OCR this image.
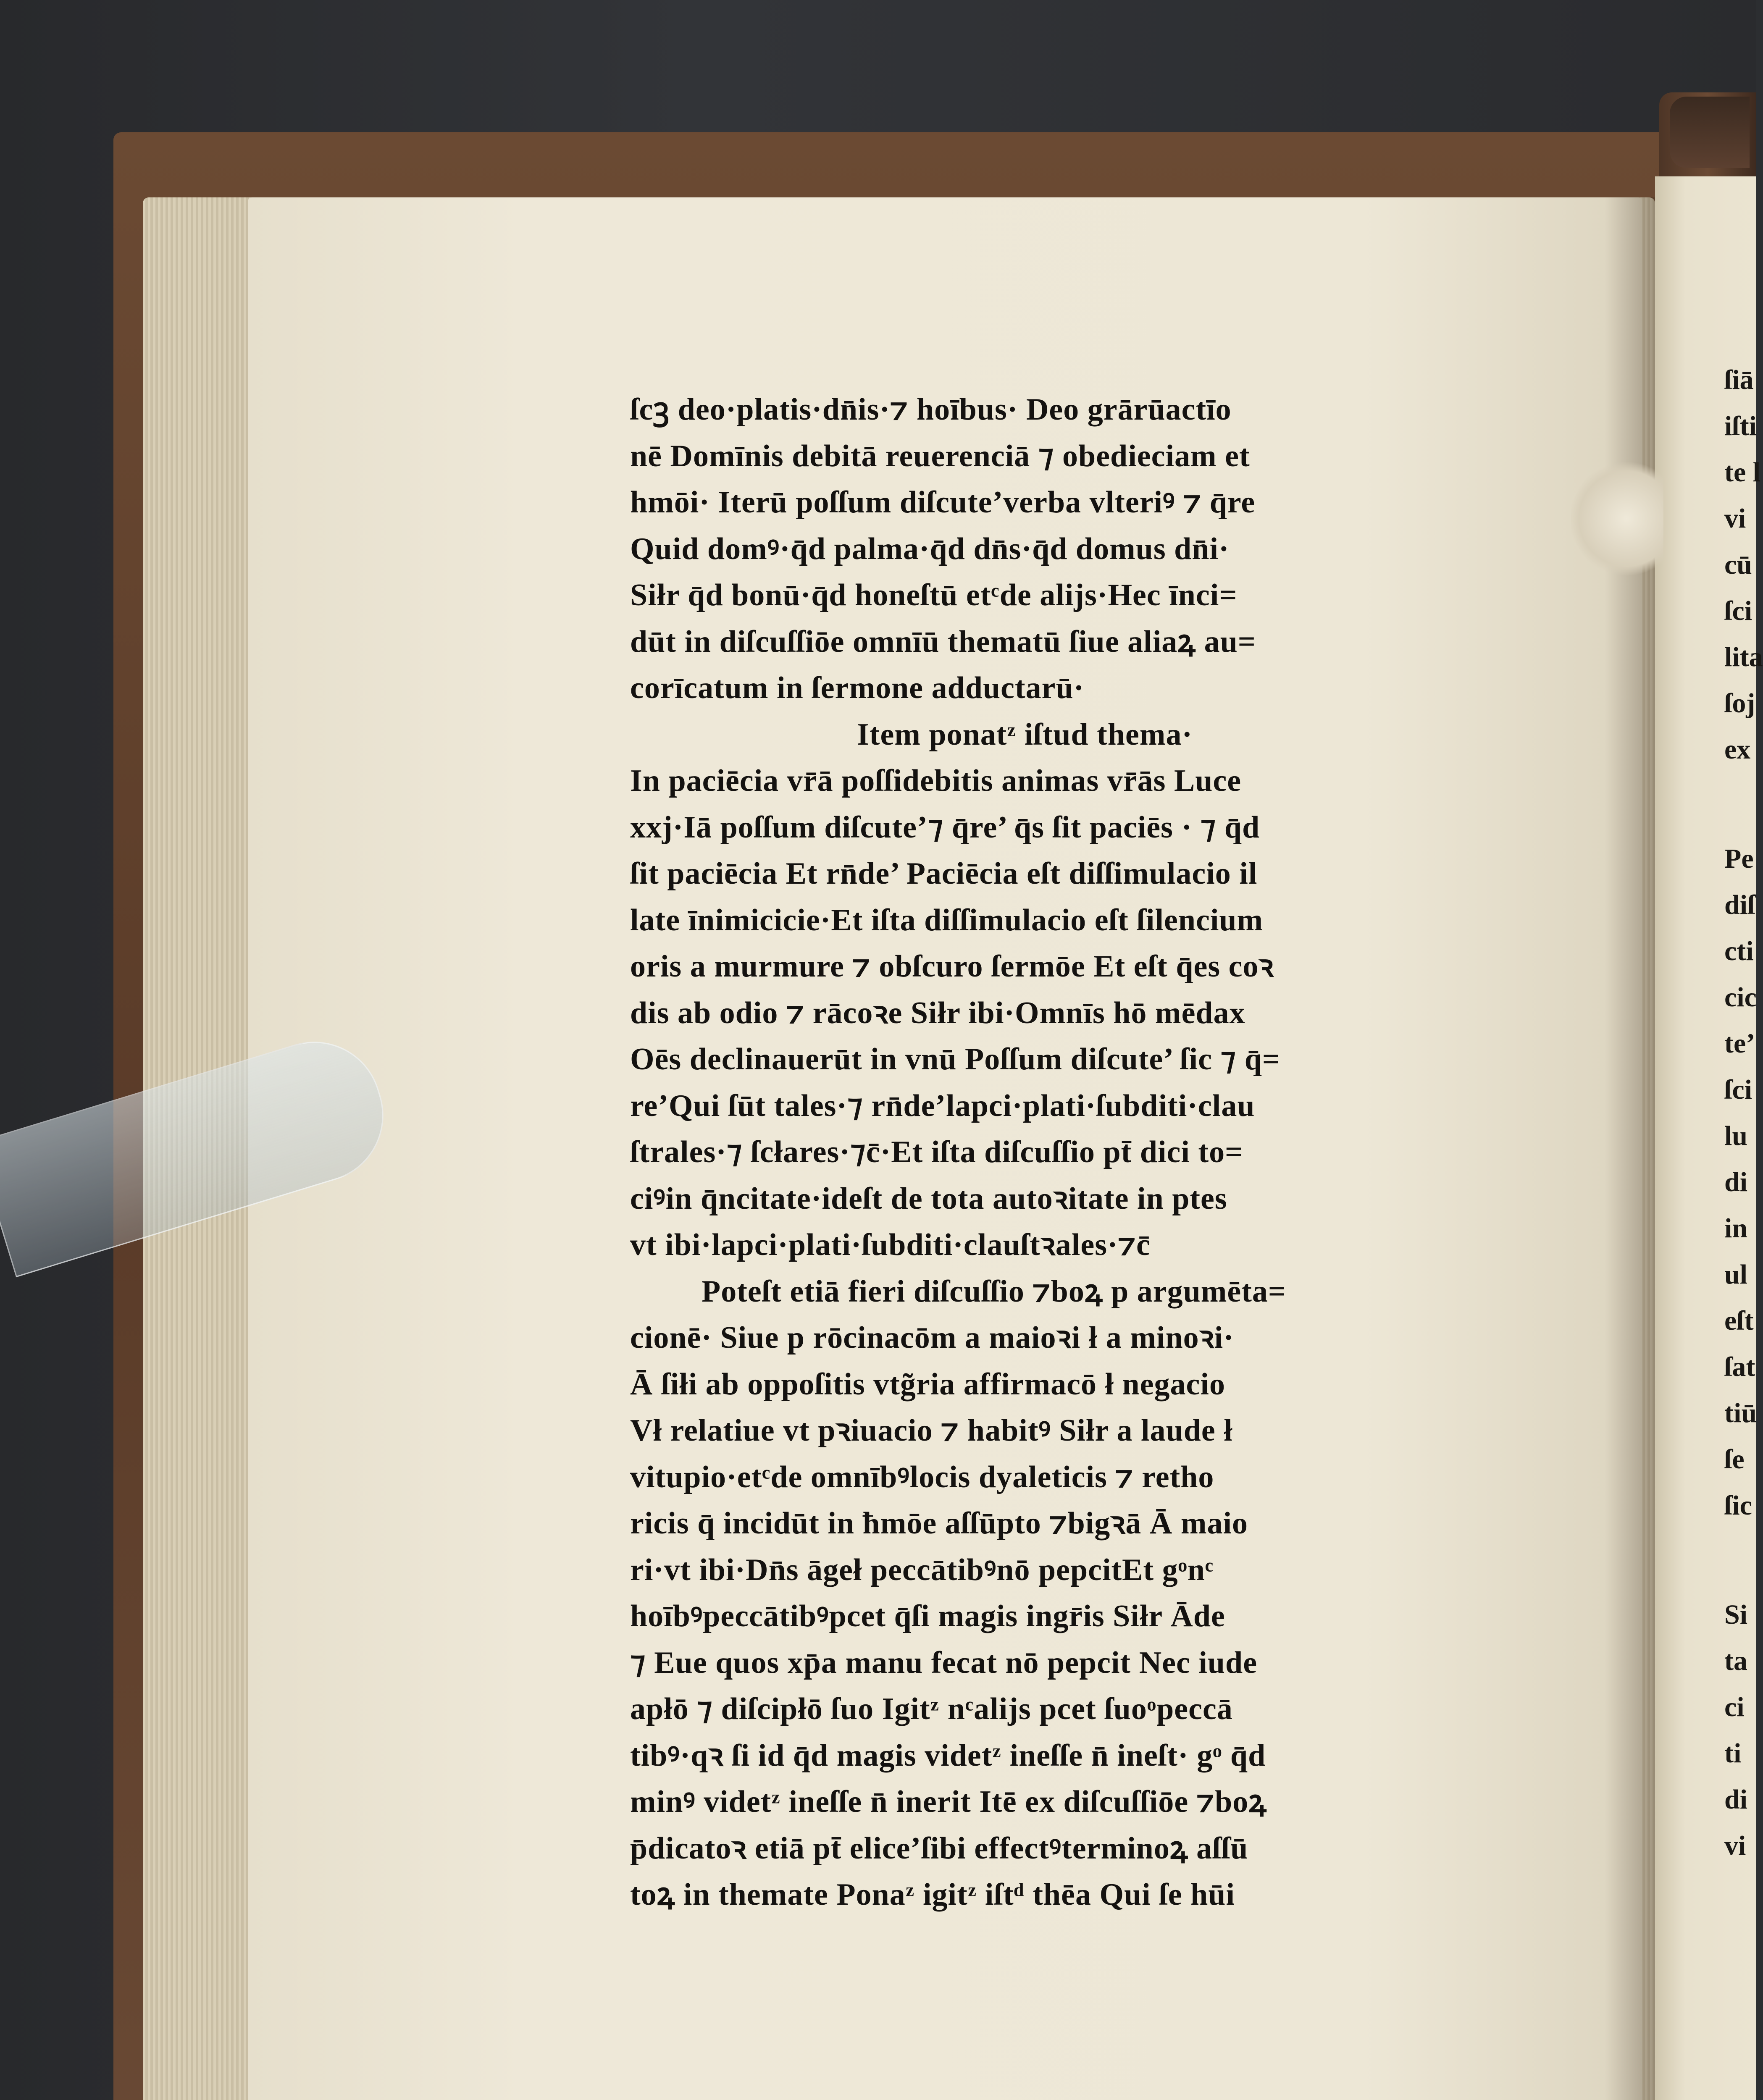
ſcꝫ deo·platis·dn̄is·⁊ hoībus· Deo grārūactīo
nē Domīnis debitā reuerenciā ⁊ obedieciam et
hmōi· Iterū poſſum diſcute’verba vlteriꝰ ⁊ q̄re
Quid domꝰ·q̄d palma·q̄d dn̄s·q̄d domus dn̄i·
Siłr q̄d bonū·q̄d honeſtū etᶜde alijs·Hec īnci=
dūt in diſcuſſiōe omnīū thematū ſiue aliaꝝ au=
corīcatum in ſermone adductarū·
Item ponatᶻ iſtud thema·
In paciēcia vr̄ā poſſidebitis animas vr̄ās Luce
xxj·Iā poſſum diſcute’⁊ q̄re’ q̄s ſit paciēs · ⁊ q̄d
ſit paciēcia Et rn̄de’ Paciēcia eſt diſſimulacio il
late īnimicicie·Et iſta diſſimulacio eſt ſilencium
oris a murmure ⁊ obſcuro ſermōe Et eſt q̄es coꝛ
dis ab odio ⁊ rācoꝛe Siłr ibi·Omnīs hō mēdax
Oēs declinauerūt in vnū Poſſum diſcute’ ſic ⁊ q̄=
re’Qui ſūt tales·⁊ rn̄de’lapci·plati·ſubditi·clau
ſtrales·⁊ ſcłares·⁊c̄·Et iſta diſcuſſio pt̄ dici to=
ciꝰin q̄ncitate·ideſt de tota autoꝛitate in ptes
vt ibi·lapci·plati·ſubditi·clauſtꝛales·⁊c̄
Poteſt etiā fieri diſcuſſio ⁊boꝝ p argumēta=
cionē· Siue p rōcinacōm a maioꝛi ł a minoꝛi·
Ā ſiłi ab oppoſitis vtg̃ria affirmacō ł negacio
Vł relatiue vt pꝛiuacio ⁊ habitꝰ Siłr a laude ł
vitupio·etᶜde omnībꝰlocis dyaleticis ⁊ retho
ricis q̄ incidūt in ħmōe aſſūpto ⁊bigꝛā Ā maio
ri·vt ibi·Dn̄s āgeł peccātibꝰnō pepcitEt gᵒnᶜ
hoībꝰpeccātibꝰpcet q̄ſi magis ingr̄is Siłr Āde
⁊ Eue quos xp̄a manu fecat nō pepcit Nec iude
apłō ⁊ diſcipłō ſuo Igitᶻ nᶜalijs pcet ſuoᵒpeccā
tibꝰ·qꝛ ſi id q̄d magis videtᶻ ineſſe n̄ ineſt· gᵒ q̄d
minꝰ videtᶻ ineſſe n̄ inerit Itē ex diſcuſſiōe ⁊boꝝ
p̄dicatoꝛ etiā pt̄ elice’ſibi effectꝰterminoꝝ aſſū
toꝝ in themate Ponaᶻ igitᶻ iſtᵈ thēa Qui ſe hūi
ſiā
iſti
te l
vi
cū
ſci
lita
ſoj
ex
Pe
diſ
cti
cic
te’
ſci
lu
di
in
ul
eſt
ſat
tiū
ſe
ſic
Si
ta
ci
ti
di
vi
